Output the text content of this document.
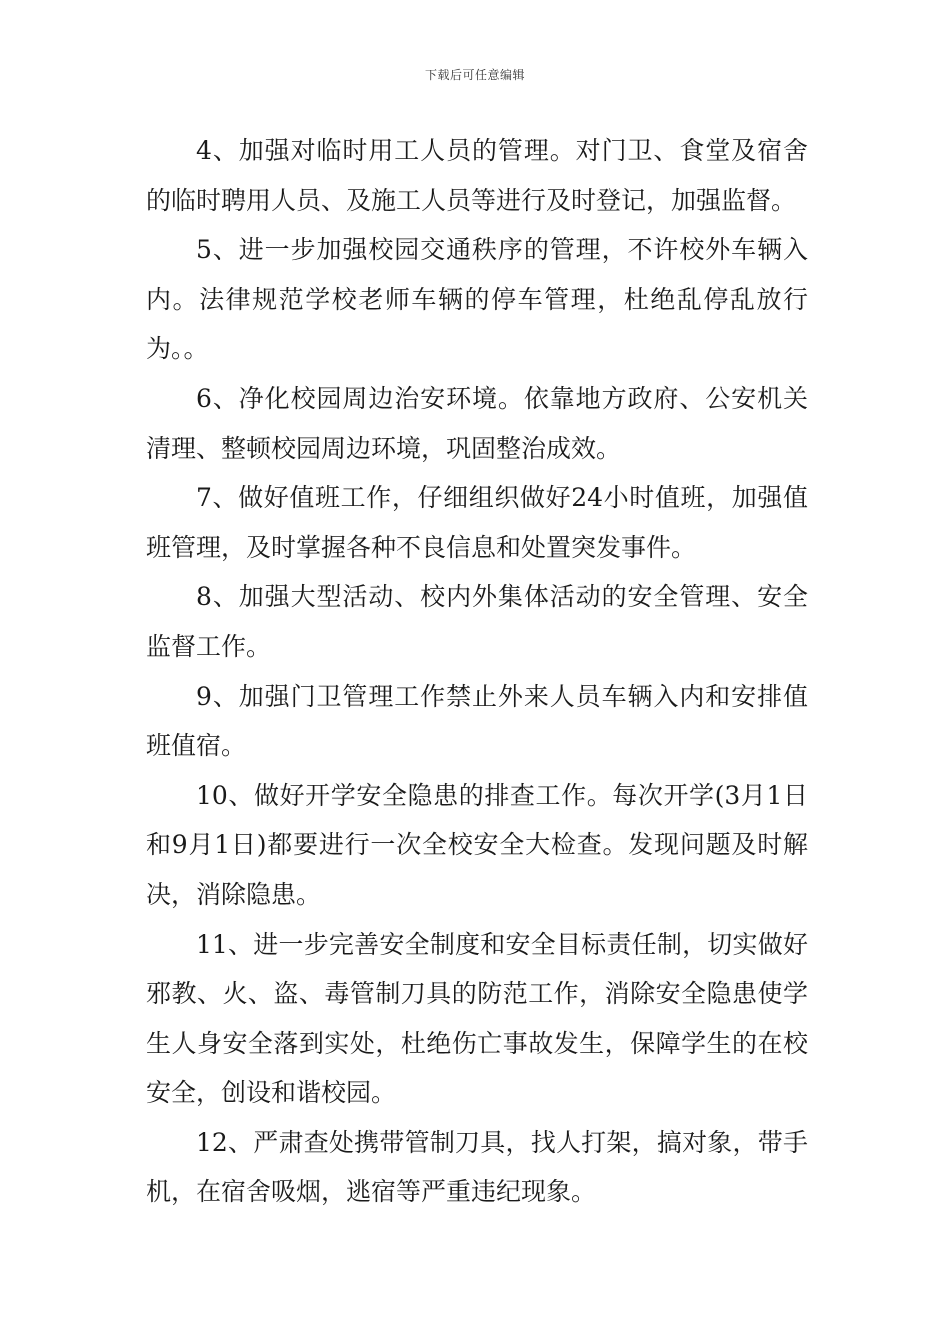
下载后可任意编辑

4、加强对临时用工人员的管理。对门卫、食堂及宿舍的临时聘用人员、及施工人员等进行及时登记，加强监督。

5、进一步加强校园交通秩序的管理，不许校外车辆入内。法律规范学校老师车辆的停车管理，杜绝乱停乱放行为。。

6、净化校园周边治安环境。依靠地方政府、公安机关清理、整顿校园周边环境，巩固整治成效。

7、做好值班工作，仔细组织做好24小时值班，加强值班管理，及时掌握各种不良信息和处置突发事件。

8、加强大型活动、校内外集体活动的安全管理、安全监督工作。

9、加强门卫管理工作禁止外来人员车辆入内和安排值班值宿。

10、做好开学安全隐患的排查工作。每次开学(3月1日和9月1日)都要进行一次全校安全大检查。发现问题及时解决，消除隐患。

11、进一步完善安全制度和安全目标责任制，切实做好邪教、火、盗、毒管制刀具的防范工作，消除安全隐患使学生人身安全落到实处，杜绝伤亡事故发生，保障学生的在校安全，创设和谐校园。

12、严肃查处携带管制刀具，找人打架，搞对象，带手机，在宿舍吸烟，逃宿等严重违纪现象。
